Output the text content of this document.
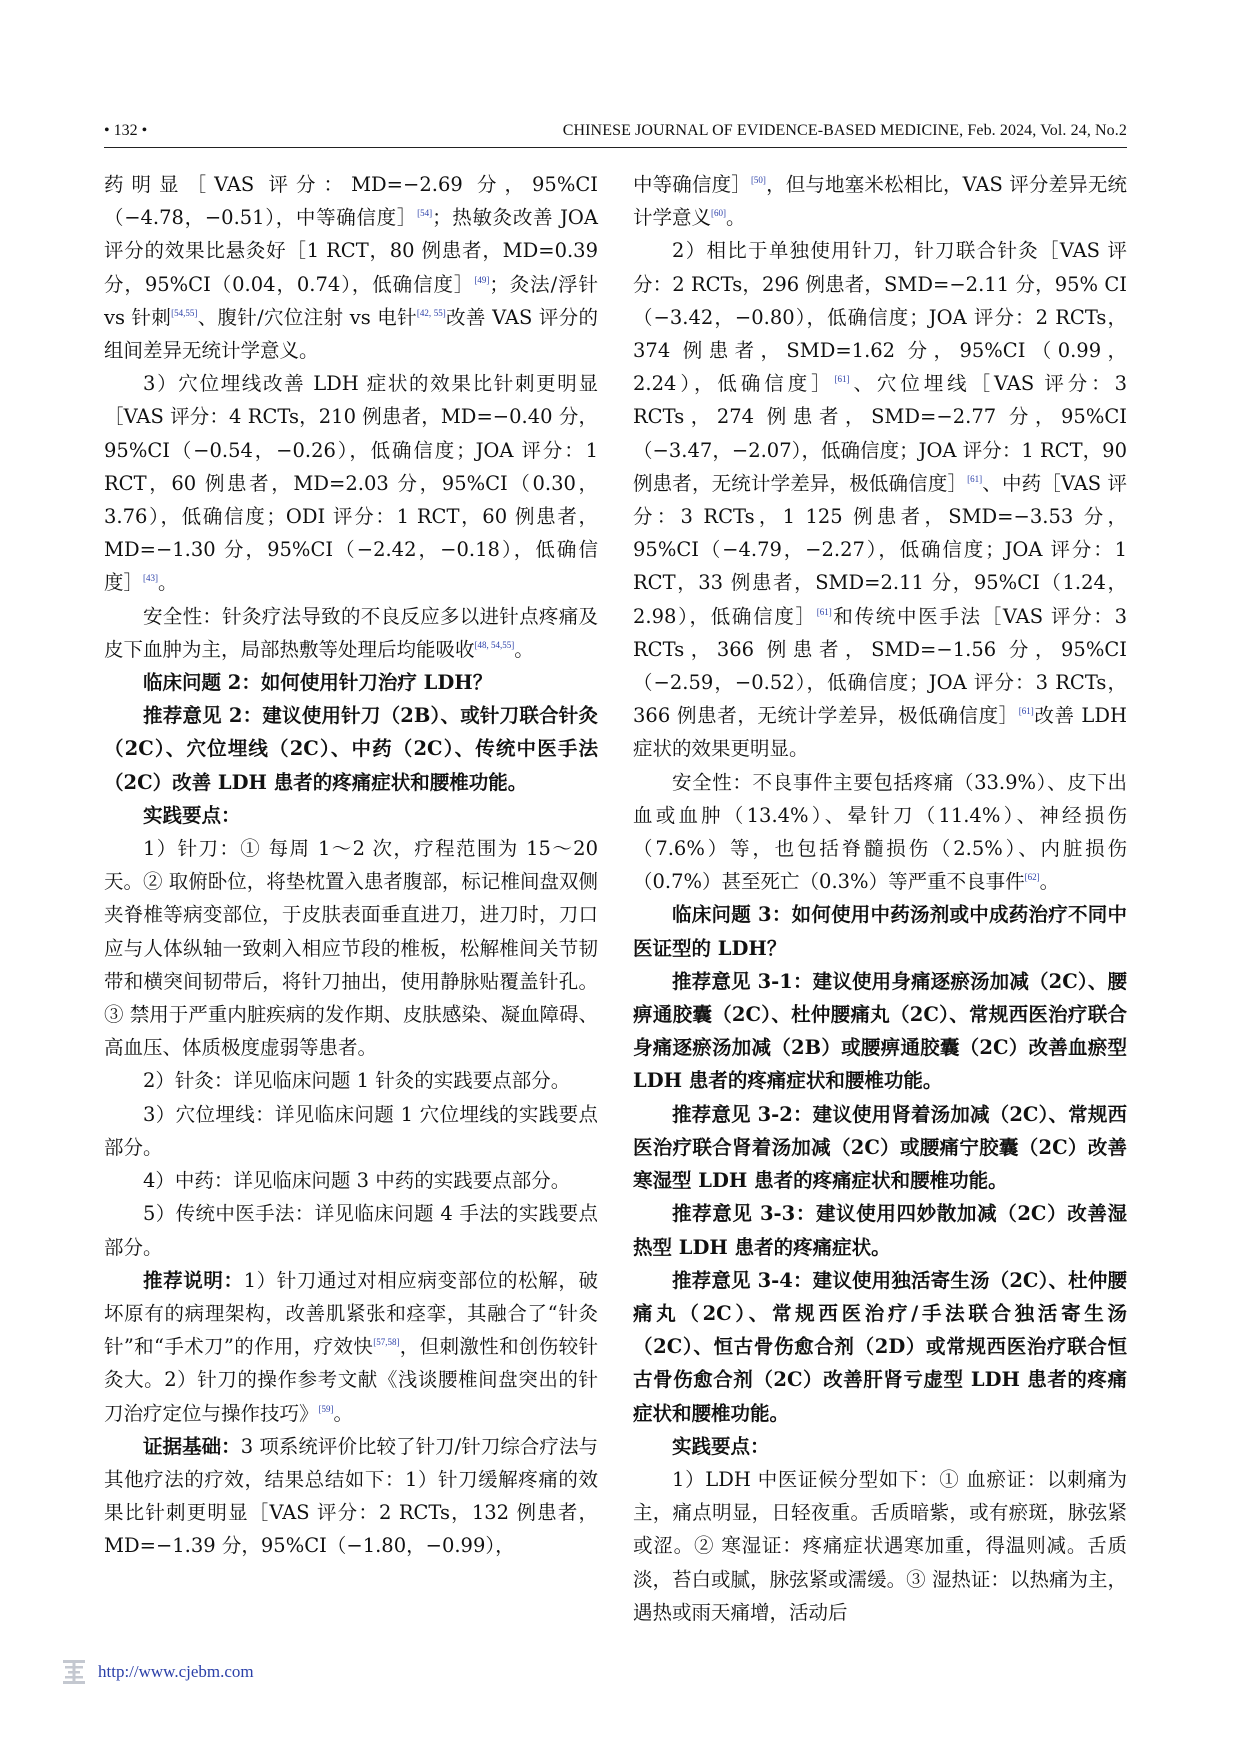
• 132 •	CHINESE JOURNAL OF EVIDENCE-BASED MEDICINE, Feb. 2024, Vol. 24, No.2

药明显［VAS 评分：MD=−2.69 分，95%CI（−4.78，−0.51），中等确信度］[54]；热敏灸改善 JOA 评分的效果比悬灸好［1 RCT，80 例患者，MD=0.39 分，95%CI（0.04，0.74），低确信度］[49]；灸法/浮针 vs 针刺[54,55]、腹针/穴位注射 vs 电针[42, 55]改善 VAS 评分的组间差异无统计学意义。

3）穴位埋线改善 LDH 症状的效果比针刺更明显［VAS 评分：4 RCTs，210 例患者，MD=−0.40 分，95%CI（−0.54，−0.26），低确信度；JOA 评分：1 RCT，60 例患者，MD=2.03 分，95%CI（0.30，3.76），低确信度；ODI 评分：1 RCT，60 例患者，MD=−1.30 分，95%CI（−2.42，−0.18），低确信度］[43]。

安全性：针灸疗法导致的不良反应多以进针点疼痛及皮下血肿为主，局部热敷等处理后均能吸收[48, 54,55]。

临床问题 2：如何使用针刀治疗 LDH？

推荐意见 2：建议使用针刀（2B）、或针刀联合针灸（2C）、穴位埋线（2C）、中药（2C）、传统中医手法（2C）改善 LDH 患者的疼痛症状和腰椎功能。

实践要点：

1）针刀：① 每周 1～2 次，疗程范围为 15～20 天。② 取俯卧位，将垫枕置入患者腹部，标记椎间盘双侧夹脊椎等病变部位，于皮肤表面垂直进刀，进刀时，刀口应与人体纵轴一致刺入相应节段的椎板，松解椎间关节韧带和横突间韧带后，将针刀抽出，使用静脉贴覆盖针孔。③ 禁用于严重内脏疾病的发作期、皮肤感染、凝血障碍、高血压、体质极度虚弱等患者。

2）针灸：详见临床问题 1 针灸的实践要点部分。

3）穴位埋线：详见临床问题 1 穴位埋线的实践要点部分。

4）中药：详见临床问题 3 中药的实践要点部分。

5）传统中医手法：详见临床问题 4 手法的实践要点部分。

推荐说明：1）针刀通过对相应病变部位的松解，破坏原有的病理架构，改善肌紧张和痉挛，其融合了“针灸针”和“手术刀”的作用，疗效快[57,58]，但刺激性和创伤较针灸大。2）针刀的操作参考文献《浅谈腰椎间盘突出的针刀治疗定位与操作技巧》[59]。

证据基础：3 项系统评价比较了针刀/针刀综合疗法与其他疗法的疗效，结果总结如下：1）针刀缓解疼痛的效果比针刺更明显［VAS 评分：2 RCTs，132 例患者，MD=−1.39 分，95%CI（−1.80，−0.99），

中等确信度］[50]，但与地塞米松相比，VAS 评分差异无统计学意义[60]。

2）相比于单独使用针刀，针刀联合针灸［VAS 评分：2 RCTs，296 例患者，SMD=−2.11 分，95% CI（−3.42，−0.80），低确信度；JOA 评分：2 RCTs，374 例患者，SMD=1.62 分，95%CI（0.99，2.24），低确信度］[61]、穴位埋线［VAS 评分：3 RCTs，274 例患者，SMD=−2.77 分，95%CI（−3.47，−2.07），低确信度；JOA 评分：1 RCT，90 例患者，无统计学差异，极低确信度］[61]、中药［VAS 评分：3 RCTs，1 125 例患者，SMD=−3.53 分，95%CI（−4.79，−2.27），低确信度；JOA 评分：1 RCT，33 例患者，SMD=2.11 分，95%CI（1.24，2.98），低确信度］[61]和传统中医手法［VAS 评分：3 RCTs，366 例患者，SMD=−1.56 分，95%CI（−2.59，−0.52），低确信度；JOA 评分：3 RCTs，366 例患者，无统计学差异，极低确信度］[61]改善 LDH 症状的效果更明显。

安全性：不良事件主要包括疼痛（33.9%）、皮下出血或血肿（13.4%）、晕针刀（11.4%）、神经损伤（7.6%）等，也包括脊髓损伤（2.5%）、内脏损伤（0.7%）甚至死亡（0.3%）等严重不良事件[62]。

临床问题 3：如何使用中药汤剂或中成药治疗不同中医证型的 LDH？

推荐意见 3-1：建议使用身痛逐瘀汤加减（2C）、腰痹通胶囊（2C）、杜仲腰痛丸（2C）、常规西医治疗联合身痛逐瘀汤加减（2B）或腰痹通胶囊（2C）改善血瘀型 LDH 患者的疼痛症状和腰椎功能。

推荐意见 3-2：建议使用肾着汤加减（2C）、常规西医治疗联合肾着汤加减（2C）或腰痛宁胶囊（2C）改善寒湿型 LDH 患者的疼痛症状和腰椎功能。

推荐意见 3-3：建议使用四妙散加减（2C）改善湿热型 LDH 患者的疼痛症状。

推荐意见 3-4：建议使用独活寄生汤（2C）、杜仲腰痛丸（2C）、常规西医治疗/手法联合独活寄生汤（2C）、恒古骨伤愈合剂（2D）或常规西医治疗联合恒古骨伤愈合剂（2C）改善肝肾亏虚型 LDH 患者的疼痛症状和腰椎功能。

实践要点：

1）LDH 中医证候分型如下：① 血瘀证：以刺痛为主，痛点明显，日轻夜重。舌质暗紫，或有瘀斑，脉弦紧或涩。② 寒湿证：疼痛症状遇寒加重，得温则减。舌质淡，苔白或腻，脉弦紧或濡缓。③ 湿热证：以热痛为主，遇热或雨天痛增，活动后

http://www.cjebm.com
